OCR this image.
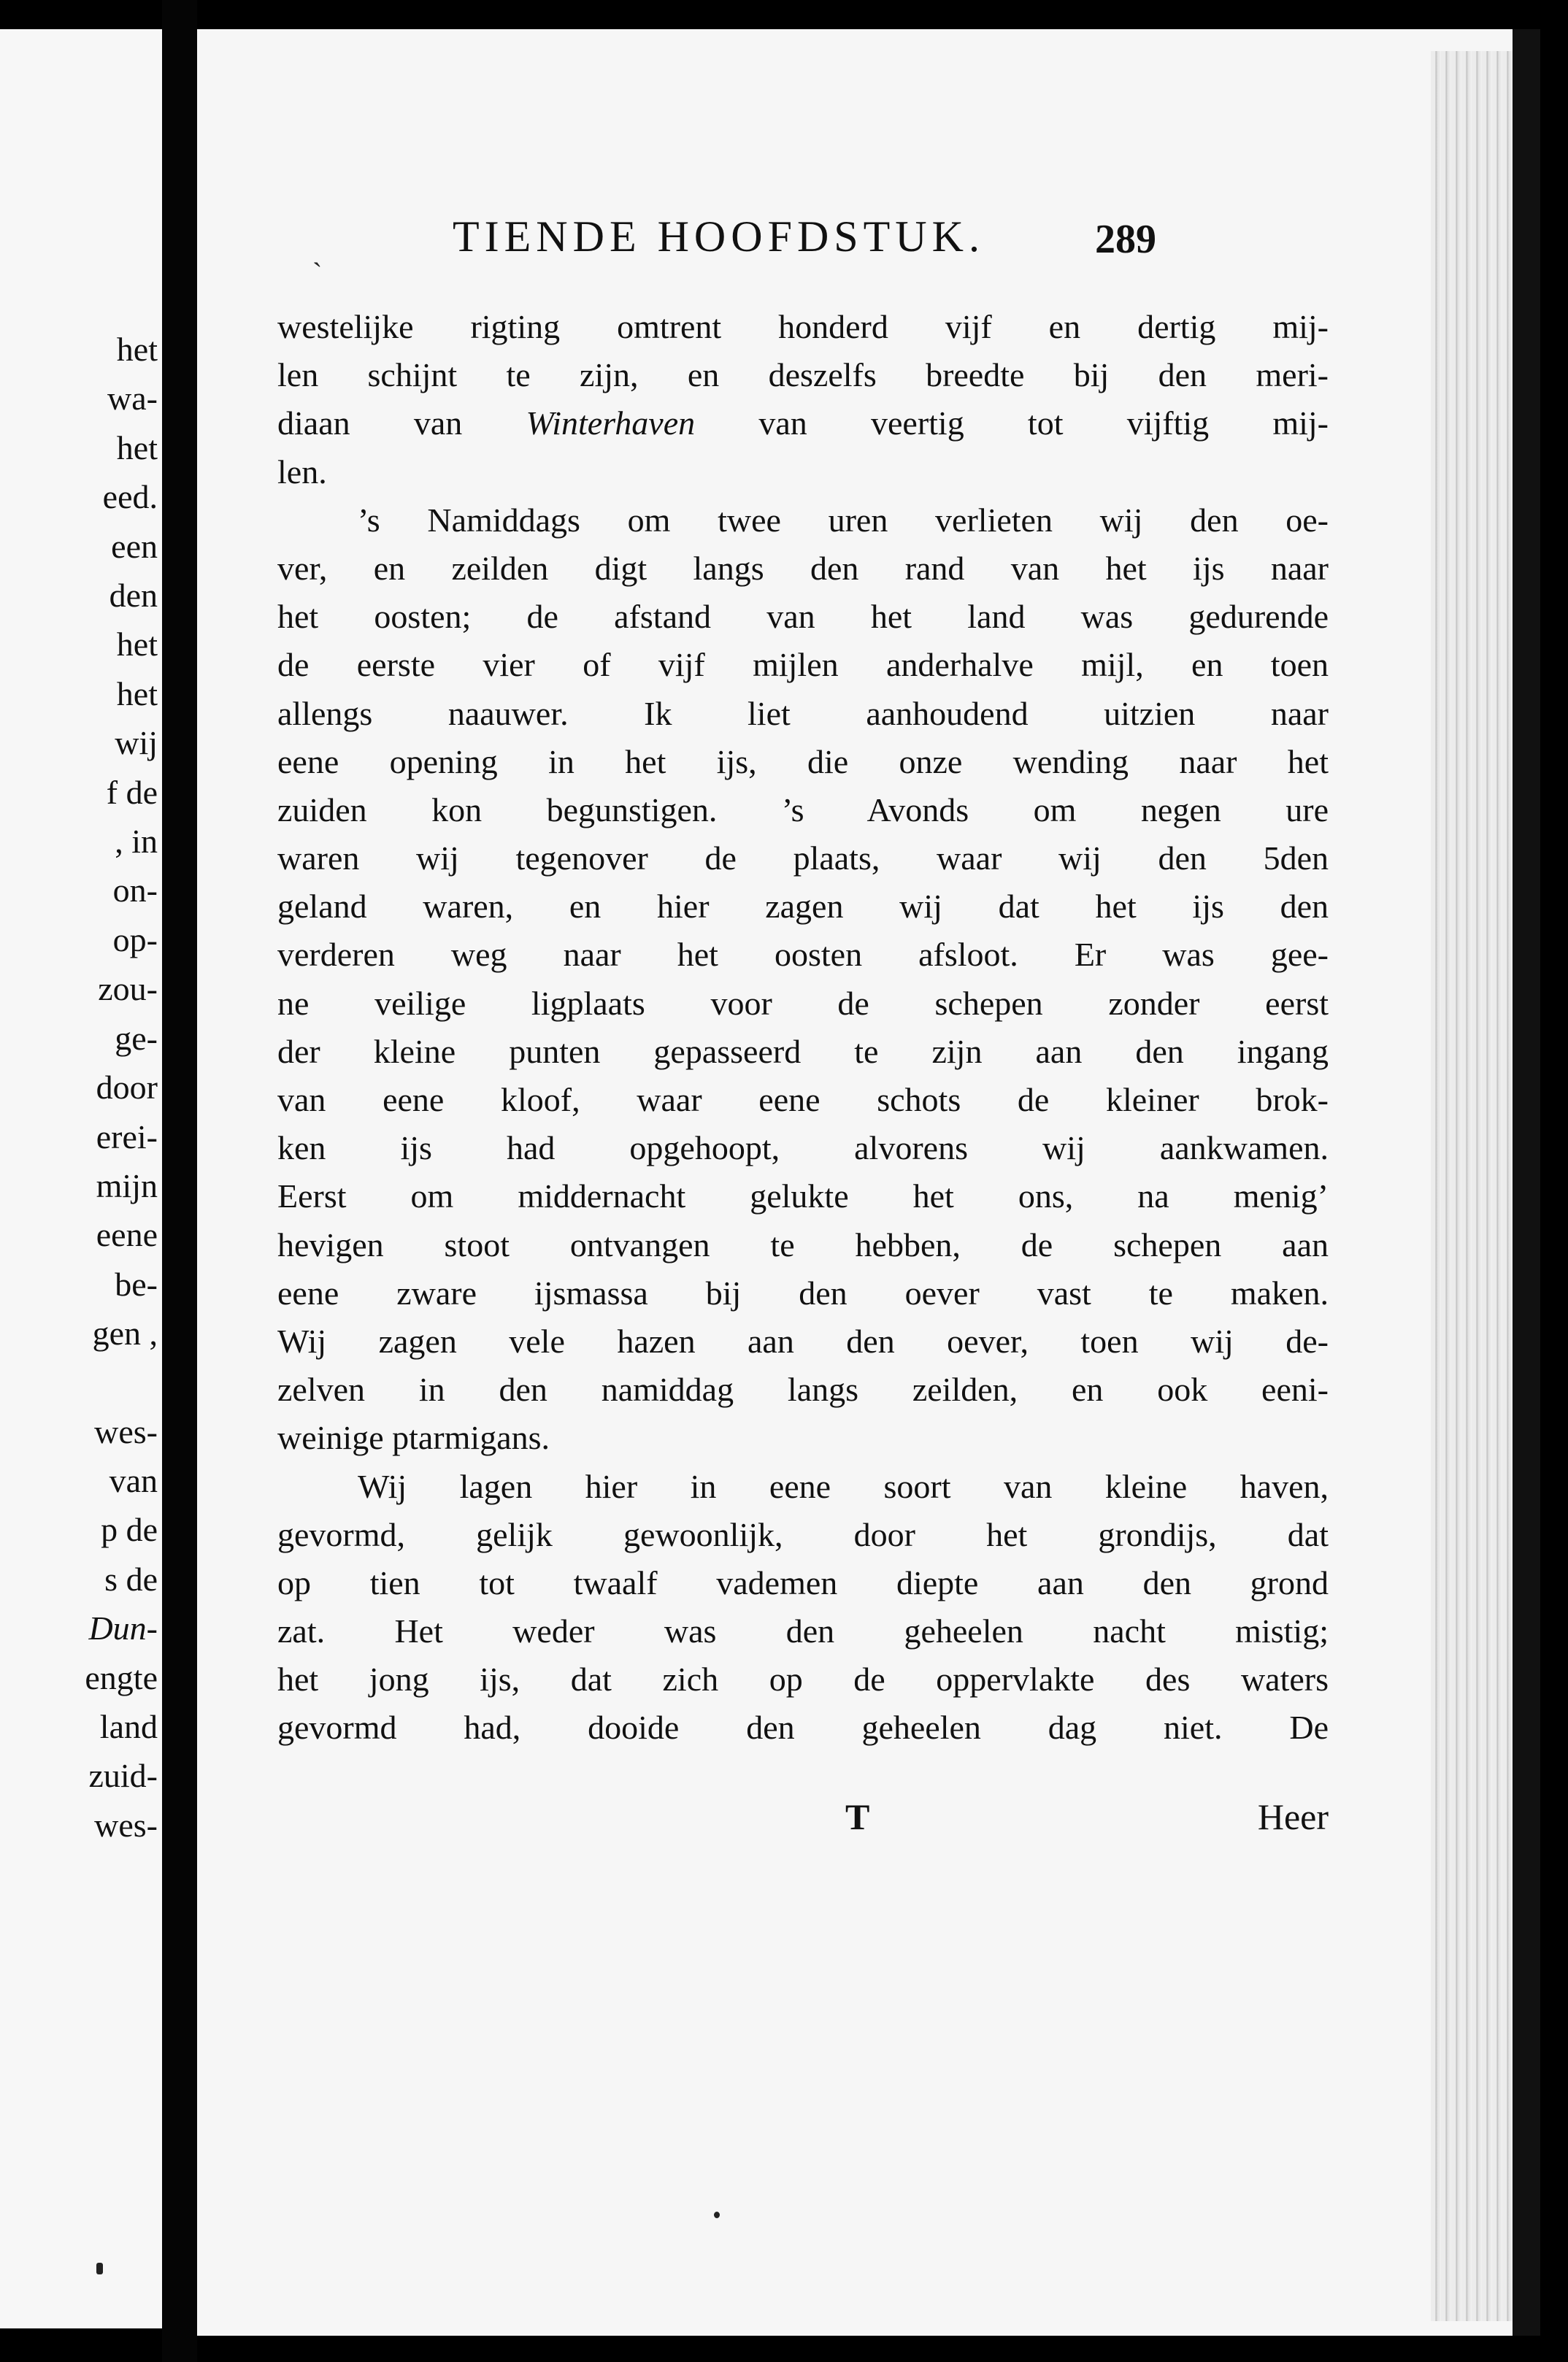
het
wa-
het
eed.
een
den
het
het
wij
f de
, in
on-
op-
zou-
ge-
door
erei-
mijn
eene
be-
gen ,
wes-
van
p de
s de
Dun-
engte
land
zuid-
wes-
ˎ	TIENDE HOOFDSTUK.	289
westelijke rigting omtrent honderd vijf en dertig mij-
len schijnt te zijn, en deszelfs breedte bij den meri-
diaan van Winterhaven van veertig tot vijftig mij-
len.
’s Namiddags om twee uren verlieten wij den oe-
ver, en zeilden digt langs den rand van het ijs naar
het oosten; de afstand van het land was gedurende
de eerste vier of vijf mijlen anderhalve mijl, en toen
allengs naauwer. Ik liet aanhoudend uitzien naar
eene opening in het ijs, die onze wending naar het
zuiden kon begunstigen. ’s Avonds om negen ure
waren wij tegenover de plaats, waar wij den 5den
geland waren, en hier zagen wij dat het ijs den
verderen weg naar het oosten afsloot. Er was gee-
ne veilige ligplaats voor de schepen zonder eerst
der kleine punten gepasseerd te zijn aan den ingang
van eene kloof, waar eene schots de kleiner brok-
ken ijs had opgehoopt, alvorens wij aankwamen.
Eerst om middernacht gelukte het ons, na menig’
hevigen stoot ontvangen te hebben, de schepen aan
eene zware ijsmassa bij den oever vast te maken.
Wij zagen vele hazen aan den oever, toen wij de-
zelven in den namiddag langs zeilden, en ook eeni-
weinige ptarmigans.
Wij lagen hier in eene soort van kleine haven,
gevormd, gelijk gewoonlijk, door het grondijs, dat
op tien tot twaalf vademen diepte aan den grond
zat. Het weder was den geheelen nacht mistig;
het jong ijs, dat zich op de oppervlakte des waters
gevormd had, dooide den geheelen dag niet. De
T	Heer
